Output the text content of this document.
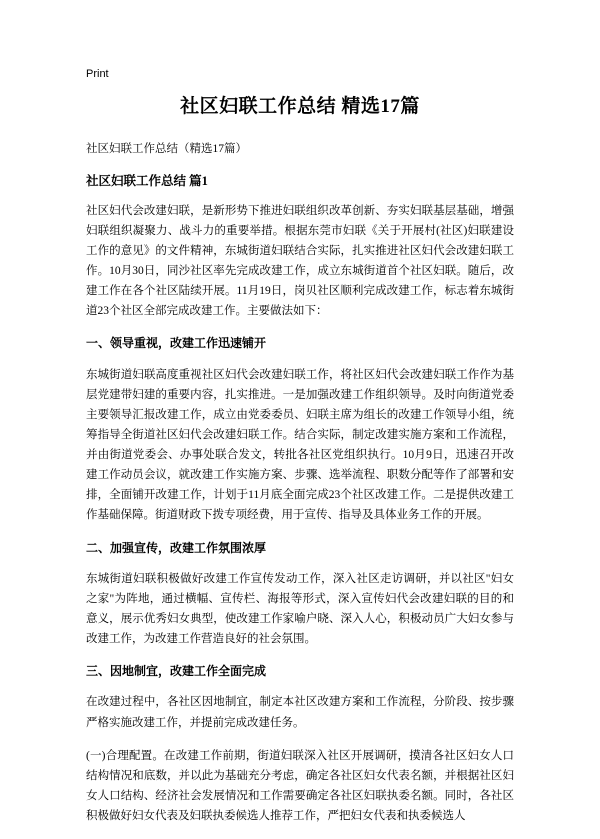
Print
社区妇联工作总结 精选17篇
社区妇联工作总结（精选17篇）
社区妇联工作总结 篇1

社区妇代会改建妇联，是新形势下推进妇联组织改革创新、夯实妇联基层基础，增强妇联组织凝聚力、战斗力的重要举措。根据东莞市妇联《关于开展村(社区)妇联建设工作的意见》的文件精神，东城街道妇联结合实际，扎实推进社区妇代会改建妇联工作。10月30日，同沙社区率先完成改建工作，成立东城街道首个社区妇联。随后，改建工作在各个社区陆续开展。11月19日，岗贝社区顺利完成改建工作，标志着东城街道23个社区全部完成改建工作。主要做法如下：

一、领导重视，改建工作迅速铺开

东城街道妇联高度重视社区妇代会改建妇联工作，将社区妇代会改建妇联工作作为基层党建带妇建的重要内容，扎实推进。一是加强改建工作组织领导。及时向街道党委主要领导汇报改建工作，成立由党委委员、妇联主席为组长的改建工作领导小组，统筹指导全街道社区妇代会改建妇联工作。结合实际，制定改建实施方案和工作流程，并由街道党委会、办事处联合发文，转批各社区党组织执行。10月9日，迅速召开改建工作动员会议，就改建工作实施方案、步骤、选举流程、职数分配等作了部署和安排，全面铺开改建工作，计划于11月底全面完成23个社区改建工作。二是提供改建工作基础保障。街道财政下拨专项经费，用于宣传、指导及具体业务工作的开展。

二、加强宣传，改建工作氛围浓厚

东城街道妇联积极做好改建工作宣传发动工作，深入社区走访调研，并以社区"妇女之家"为阵地，通过横幅、宣传栏、海报等形式，深入宣传妇代会改建妇联的目的和意义，展示优秀妇女典型，使改建工作家喻户晓、深入人心，积极动员广大妇女参与改建工作，为改建工作营造良好的社会氛围。

三、因地制宜，改建工作全面完成

在改建过程中，各社区因地制宜，制定本社区改建方案和工作流程，分阶段、按步骤严格实施改建工作，并提前完成改建任务。

(一)合理配置。在改建工作前期，街道妇联深入社区开展调研，摸清各社区妇女人口结构情况和底数，并以此为基础充分考虑，确定各社区妇女代表名额，并根据社区妇女人口结构、经济社会发展情况和工作需要确定各社区妇联执委名额。同时，各社区积极做好妇女代表及妇联执委候选人推荐工作，严把妇女代表和执委候选人
